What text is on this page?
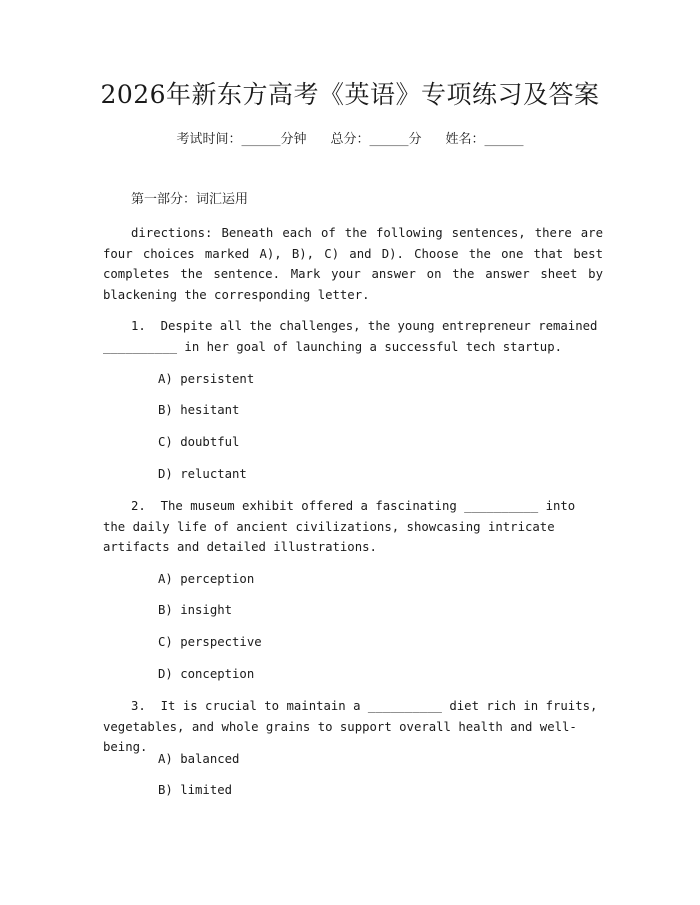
2026年新东方高考《英语》专项练习及答案
考试时间：______分钟 总分：______分 姓名：______
第一部分：词汇运用

directions: Beneath each of the following sentences, there are four choices marked A), B), C) and D). Choose the one that best completes the sentence. Mark your answer on the answer sheet by blackening the corresponding letter.

1. Despite all the challenges, the young entrepreneur remained __________ in her goal of launching a successful tech startup.

A) persistent
B) hesitant
C) doubtful
D) reluctant

2. The museum exhibit offered a fascinating __________ into the daily life of ancient civilizations, showcasing intricate artifacts and detailed illustrations.

A) perception
B) insight
C) perspective
D) conception

3. It is crucial to maintain a __________ diet rich in fruits, vegetables, and whole grains to support overall health and well-being.

A) balanced
B) limited
